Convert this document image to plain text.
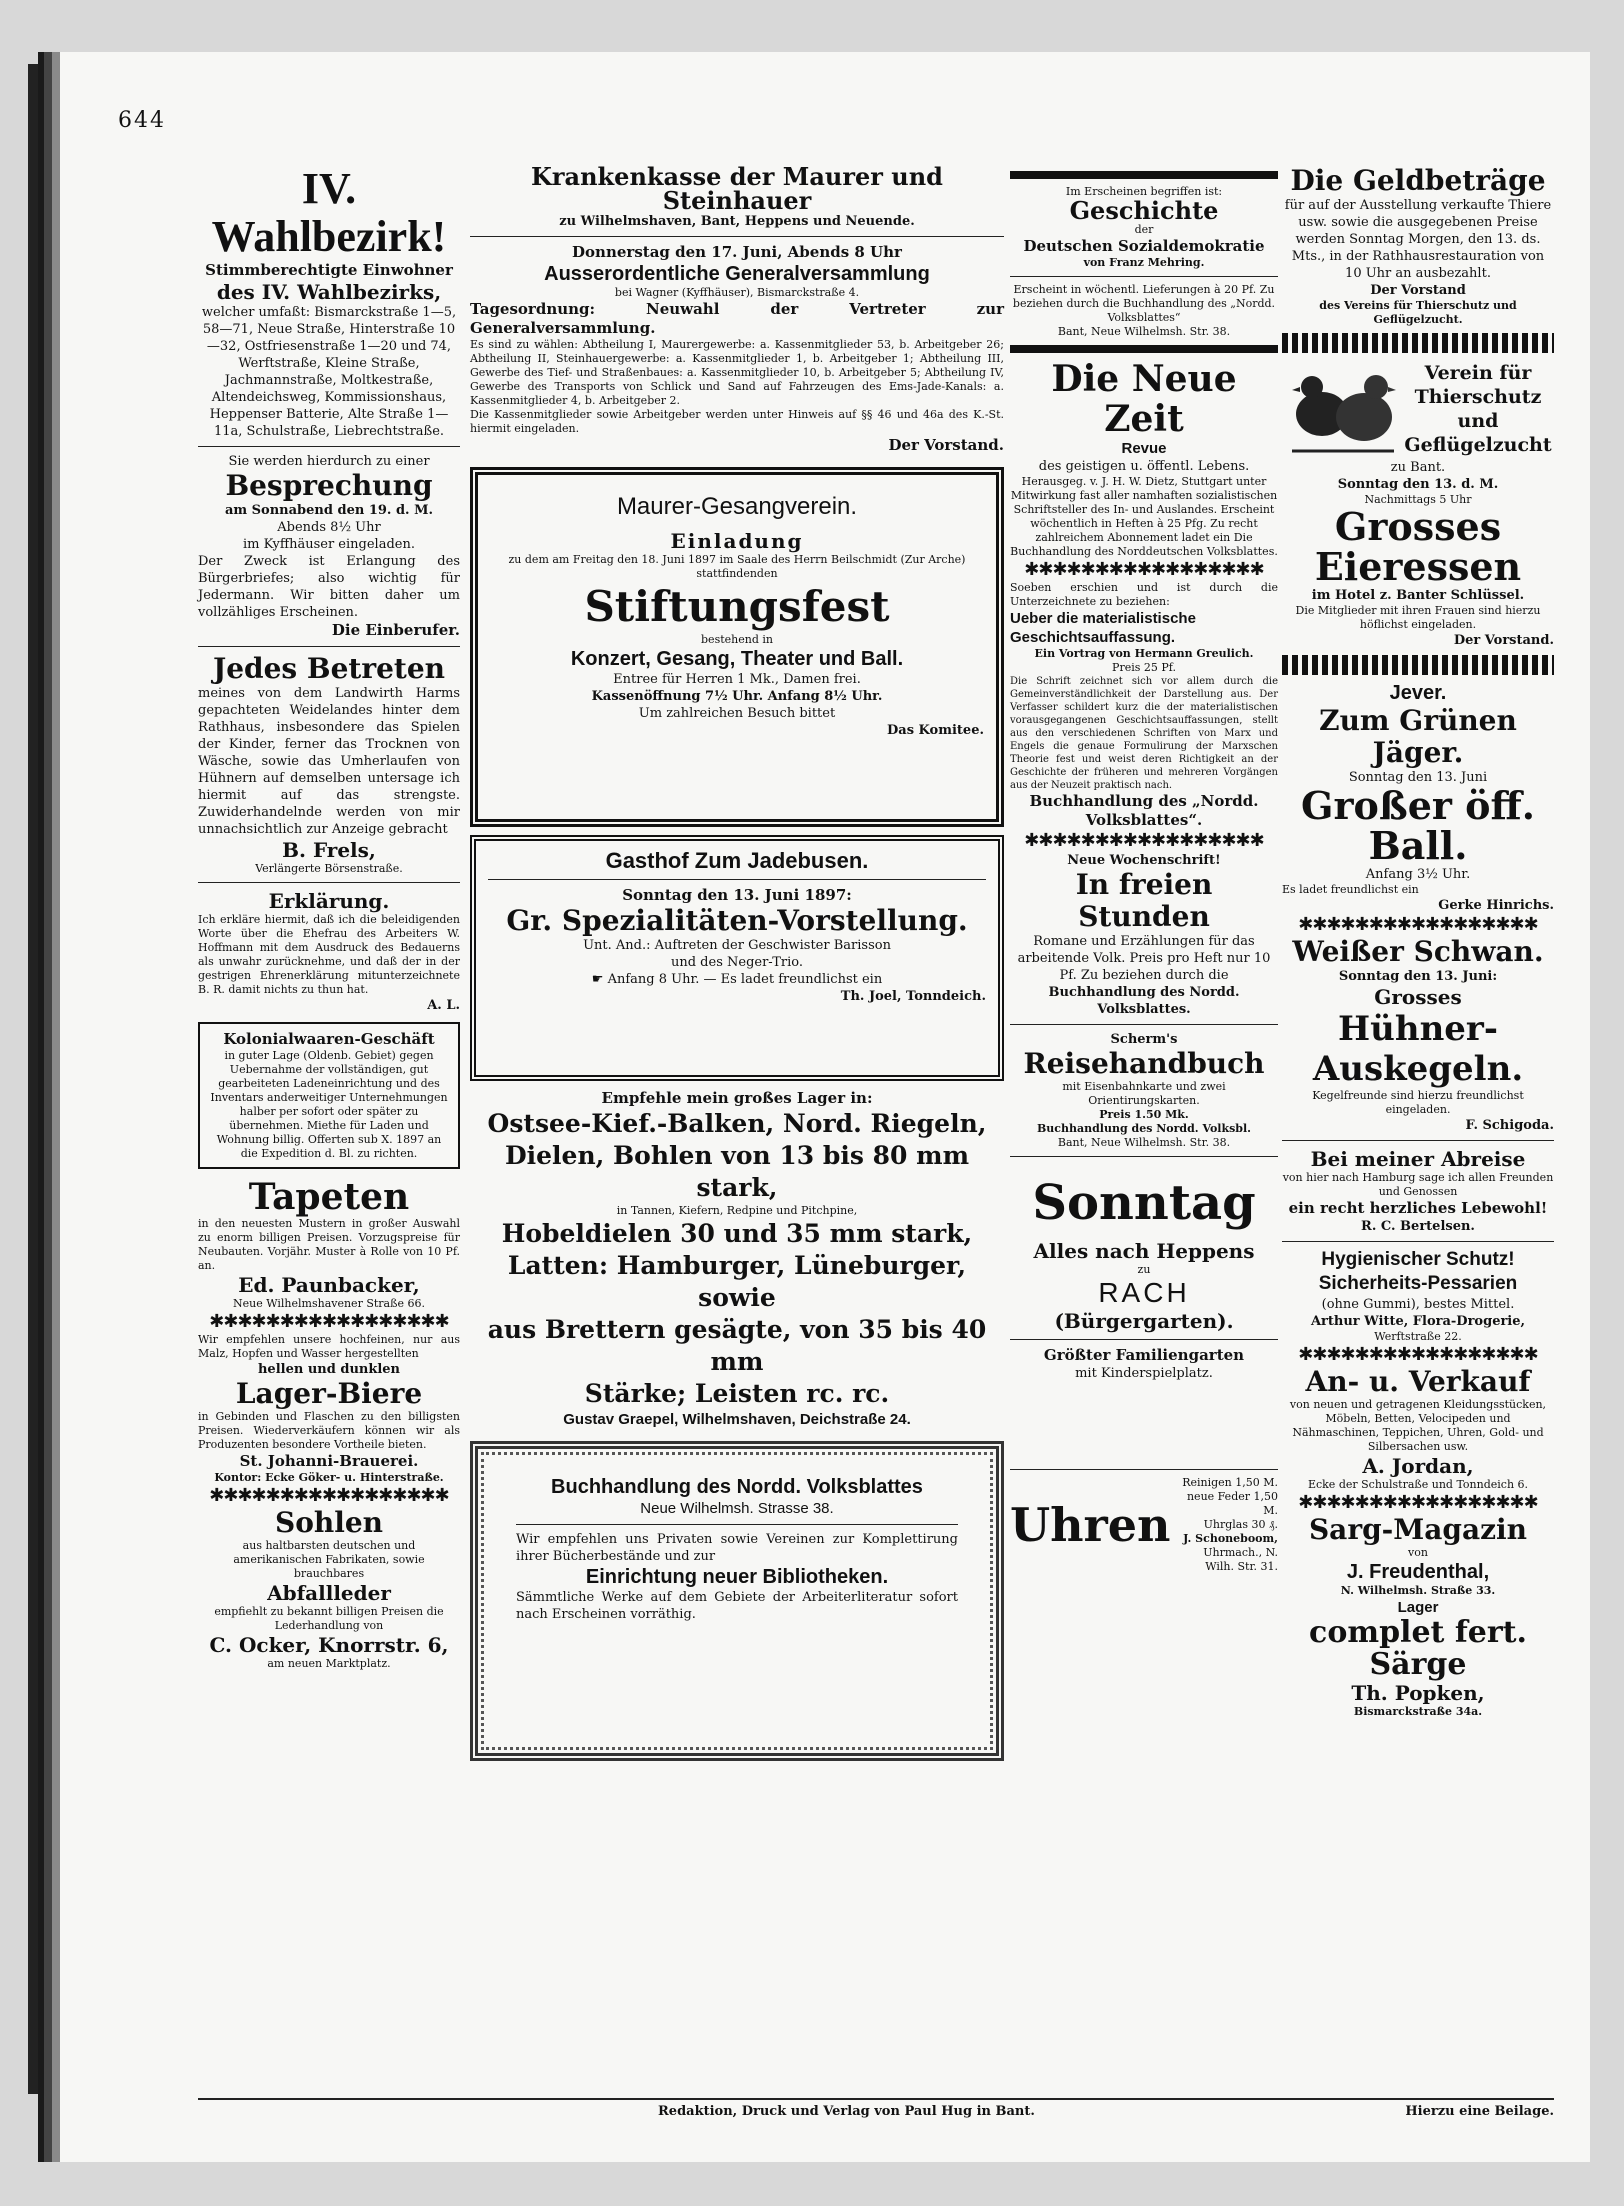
644
IV. Wahlbezirk!
Stimmberechtigte Einwohner
des IV. Wahlbezirks,
welcher umfaßt: Bismarckstraße 1—5, 58—71, Neue Straße, Hinterstraße 10—32, Ostfriesenstraße 1—20 und 74, Werftstraße, Kleine Straße, Jachmannstraße, Moltkestraße, Altendeichsweg, Kommissionshaus, Heppenser Batterie, Alte Straße 1—11a, Schulstraße, Liebrechtstraße.
Sie werden hierdurch zu einer
Besprechung
am Sonnabend den 19. d. M.
Abends 8½ Uhr
im Kyffhäuser eingeladen.
Der Zweck ist Erlangung des Bürgerbriefes; also wichtig für Jedermann. Wir bitten daher um vollzähliges Erscheinen.
Die Einberufer.
Jedes Betreten
meines von dem Landwirth Harms gepachteten Weidelandes hinter dem Rathhaus, insbesondere das Spielen der Kinder, ferner das Trocknen von Wäsche, sowie das Umherlaufen von Hühnern auf demselben untersage ich hiermit auf das strengste. Zuwiderhandelnde werden von mir unnachsichtlich zur Anzeige gebracht
B. Frels,
Verlängerte Börsenstraße.
Erklärung.
Ich erkläre hiermit, daß ich die beleidigenden Worte über die Ehefrau des Arbeiters W. Hoffmann mit dem Ausdruck des Bedauerns als unwahr zurücknehme, und daß der in der gestrigen Ehrenerklärung mitunterzeichnete B. R. damit nichts zu thun hat.
A. L.
Kolonialwaaren-Geschäft
in guter Lage (Oldenb. Gebiet) gegen Uebernahme der vollständigen, gut gearbeiteten Ladeneinrichtung und des Inventars anderweitiger Unternehmungen halber per sofort oder später zu übernehmen. Miethe für Laden und Wohnung billig. Offerten sub X. 1897 an die Expedition d. Bl. zu richten.
Tapeten
in den neuesten Mustern in großer Auswahl zu enorm billigen Preisen. Vorzugspreise für Neubauten. Vorjähr. Muster à Rolle von 10 Pf. an.
Ed. Paunbacker,
Neue Wilhelmshavener Straße 66.
✱✱✱✱✱✱✱✱✱✱✱✱✱✱✱✱✱
Wir empfehlen unsere hochfeinen, nur aus Malz, Hopfen und Wasser hergestellten
hellen und dunklen
Lager-Biere
in Gebinden und Flaschen zu den billigsten Preisen. Wiederverkäufern können wir als Produzenten besondere Vortheile bieten.
St. Johanni-Brauerei.
Kontor: Ecke Göker- u. Hinterstraße.
✱✱✱✱✱✱✱✱✱✱✱✱✱✱✱✱✱
Sohlen
aus haltbarsten deutschen und amerikanischen Fabrikaten, sowie brauchbares
Abfallleder
empfiehlt zu bekannt billigen Preisen die Lederhandlung von
C. Ocker, Knorrstr. 6,
am neuen Marktplatz.
Krankenkasse der Maurer und Steinhauer
zu Wilhelmshaven, Bant, Heppens und Neuende.
Donnerstag den 17. Juni, Abends 8 Uhr
Ausserordentliche Generalversammlung
bei Wagner (Kyffhäuser), Bismarckstraße 4.
Tagesordnung: Neuwahl der Vertreter zur Generalversammlung.
Es sind zu wählen: Abtheilung I, Maurergewerbe: a. Kassenmitglieder 53, b. Arbeitgeber 26; Abtheilung II, Steinhauergewerbe: a. Kassenmitglieder 1, b. Arbeitgeber 1; Abtheilung III, Gewerbe des Tief- und Straßenbaues: a. Kassenmitglieder 10, b. Arbeitgeber 5; Abtheilung IV, Gewerbe des Transports von Schlick und Sand auf Fahrzeugen des Ems-Jade-Kanals: a. Kassenmitglieder 4, b. Arbeitgeber 2.
Die Kassenmitglieder sowie Arbeitgeber werden unter Hinweis auf §§ 46 und 46a des K.-St. hiermit eingeladen.
Der Vorstand.
Maurer-Gesangverein.
Einladung
zu dem am Freitag den 18. Juni 1897 im Saale des Herrn Beilschmidt (Zur Arche) stattfindenden
Stiftungsfest
bestehend in
Konzert, Gesang, Theater und Ball.
Entree für Herren 1 Mk., Damen frei.
Kassenöffnung 7½ Uhr. Anfang 8½ Uhr.
Um zahlreichen Besuch bittet
Das Komitee.
Gasthof Zum Jadebusen.
Sonntag den 13. Juni 1897:
Gr. Spezialitäten-Vorstellung.
Unt. And.: Auftreten der Geschwister Barisson
und des Neger-Trio.
☛ Anfang 8 Uhr. — Es ladet freundlichst ein
Th. Joel, Tonndeich.
Empfehle mein großes Lager in:
Ostsee-Kief.-Balken, Nord. Riegeln,
Dielen, Bohlen von 13 bis 80 mm stark,
in Tannen, Kiefern, Redpine und Pitchpine,
Hobeldielen 30 und 35 mm stark,
Latten: Hamburger, Lüneburger, sowie
aus Brettern gesägte, von 35 bis 40 mm
Stärke; Leisten rc. rc.
Gustav Graepel, Wilhelmshaven, Deichstraße 24.
Buchhandlung des Nordd. Volksblattes
Neue Wilhelmsh. Strasse 38.
Wir empfehlen uns Privaten sowie Vereinen zur Komplettirung ihrer Bücherbestände und zur
Einrichtung neuer Bibliotheken.
Sämmtliche Werke auf dem Gebiete der Arbeiterliteratur sofort nach Erscheinen vorräthig.
Im Erscheinen begriffen ist:
Geschichte
der
Deutschen Sozialdemokratie
von Franz Mehring.
Erscheint in wöchentl. Lieferungen à 20 Pf. Zu beziehen durch die Buchhandlung des „Nordd. Volksblattes“
Bant, Neue Wilhelmsh. Str. 38.
Die Neue Zeit
Revue
des geistigen u. öffentl. Lebens.
Herausgeg. v. J. H. W. Dietz, Stuttgart unter Mitwirkung fast aller namhaften sozialistischen Schriftsteller des In- und Auslandes. Erscheint wöchentlich in Heften à 25 Pfg. Zu recht zahlreichem Abonnement ladet ein Die Buchhandlung des Norddeutschen Volksblattes.
✱✱✱✱✱✱✱✱✱✱✱✱✱✱✱✱✱
Soeben erschien und ist durch die Unterzeichnete zu beziehen:
Ueber die materialistische Geschichtsauffassung.
Ein Vortrag von Hermann Greulich.
Preis 25 Pf.
Die Schrift zeichnet sich vor allem durch die Gemeinverständlichkeit der Darstellung aus. Der Verfasser schildert kurz die der materialistischen vorausgegangenen Geschichtsauffassungen, stellt aus den verschiedenen Schriften von Marx und Engels die genaue Formulirung der Marxschen Theorie fest und weist deren Richtigkeit an der Geschichte der früheren und mehreren Vorgängen aus der Neuzeit praktisch nach.
Buchhandlung des „Nordd. Volksblattes“.
✱✱✱✱✱✱✱✱✱✱✱✱✱✱✱✱✱
Neue Wochenschrift!
In freien Stunden
Romane und Erzählungen für das arbeitende Volk. Preis pro Heft nur 10 Pf. Zu beziehen durch die
Buchhandlung des Nordd. Volksblattes.
Scherm's
Reisehandbuch
mit Eisenbahnkarte und zwei Orientirungskarten.
Preis 1.50 Mk.
Buchhandlung des Nordd. Volksbl.
Bant, Neue Wilhelmsh. Str. 38.
Sonntag
Alles nach Heppens
zu
RACH
(Bürgergarten).
Größter Familiengarten
mit Kinderspielplatz.
Uhren
Reinigen 1,50 M.
neue Feder 1,50 M.
Uhrglas 30 ₰.
J. Schoneboom,
Uhrmach., N. Wilh. Str. 31.
Die Geldbeträge
für auf der Ausstellung verkaufte Thiere usw. sowie die ausgegebenen Preise werden Sonntag Morgen, den 13. ds. Mts., in der Rathhausrestauration von 10 Uhr an ausbezahlt.
Der Vorstand
des Vereins für Thierschutz und Geflügelzucht.
Verein für Thierschutz und Geflügelzucht
zu Bant.
Sonntag den 13. d. M.
Nachmittags 5 Uhr
Grosses Eieressen
im Hotel z. Banter Schlüssel.
Die Mitglieder mit ihren Frauen sind hierzu höflichst eingeladen.
Der Vorstand.
Jever.
Zum Grünen Jäger.
Sonntag den 13. Juni
Großer öff. Ball.
Anfang 3½ Uhr.
Es ladet freundlichst ein
Gerke Hinrichs.
✱✱✱✱✱✱✱✱✱✱✱✱✱✱✱✱✱
Weißer Schwan.
Sonntag den 13. Juni:
Grosses
Hühner-Auskegeln.
Kegelfreunde sind hierzu freundlichst eingeladen.
F. Schigoda.
Bei meiner Abreise
von hier nach Hamburg sage ich allen Freunden und Genossen
ein recht herzliches Lebewohl!
R. C. Bertelsen.
Hygienischer Schutz!
Sicherheits-Pessarien
(ohne Gummi), bestes Mittel.
Arthur Witte, Flora-Drogerie,
Werftstraße 22.
✱✱✱✱✱✱✱✱✱✱✱✱✱✱✱✱✱
An- u. Verkauf
von neuen und getragenen Kleidungsstücken, Möbeln, Betten, Velocipeden und Nähmaschinen, Teppichen, Uhren, Gold- und Silbersachen usw.
A. Jordan,
Ecke der Schulstraße und Tonndeich 6.
✱✱✱✱✱✱✱✱✱✱✱✱✱✱✱✱✱
Sarg-Magazin
von
J. Freudenthal,
N. Wilhelmsh. Straße 33.
Lager
complet fert. Särge
Th. Popken,
Bismarckstraße 34a.
Redaktion, Druck und Verlag von Paul Hug in Bant.	Hierzu eine Beilage.
